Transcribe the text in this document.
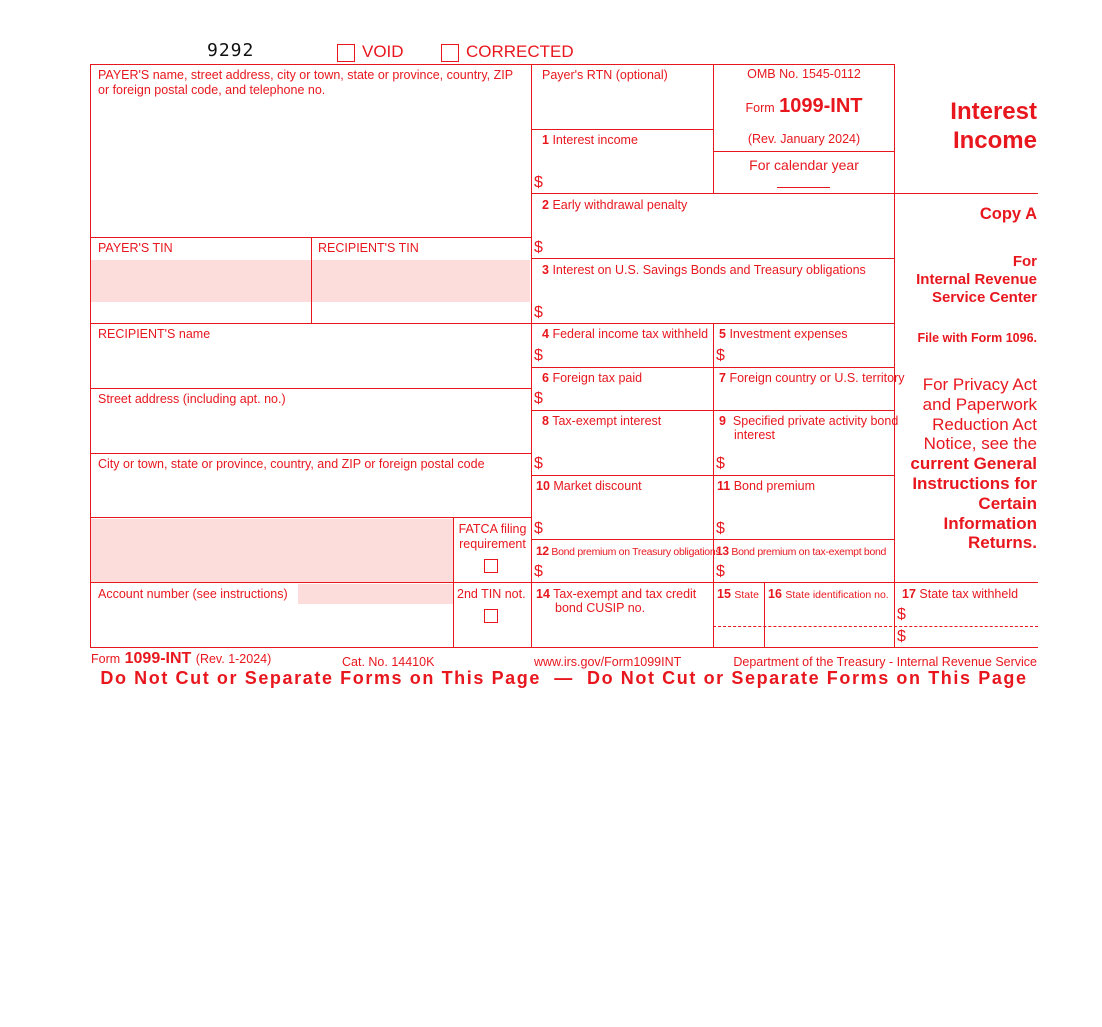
9292	VOID	CORRECTED
PAYER'S name, street address, city or town, state or province, country, ZIP
or foreign postal code, and telephone no.
PAYER'S TIN	RECIPIENT'S TIN
RECIPIENT'S name
Street address (including apt. no.)
City or town, state or province, country, and ZIP or foreign postal code
FATCA filing
requirement
Account number (see instructions)	2nd TIN not.
Payer's RTN (optional)	OMB No. 1545-0112
Form 1099-INT
(Rev. January 2024)
For calendar year
Interest
Income
Copy A
For
Internal Revenue
Service Center
File with Form 1096.
For Privacy Act
and Paperwork
Reduction Act
Notice, see the
current General
Instructions for
Certain
Information
Returns.
1 Interest income
$
2 Early withdrawal penalty
$
3 Interest on U.S. Savings Bonds and Treasury obligations
$
4 Federal income tax withheld
$
5 Investment expenses
$
6 Foreign tax paid
$
7 Foreign country or U.S. territory
8 Tax-exempt interest
$
9 Specified private activity bond
interest
$
10 Market discount
$
11 Bond premium
$
12 Bond premium on Treasury obligations
$
13 Bond premium on tax-exempt bond
$
14 Tax-exempt and tax credit
bond CUSIP no.
15 State 16 State identification no. 17 State tax withheld
$
$
Form 1099-INT (Rev. 1-2024)	Cat. No. 14410K	www.irs.gov/Form1099INT	Department of the Treasury - Internal Revenue Service
Do Not Cut or Separate Forms on This Page  —  Do Not Cut or Separate Forms on This Page
